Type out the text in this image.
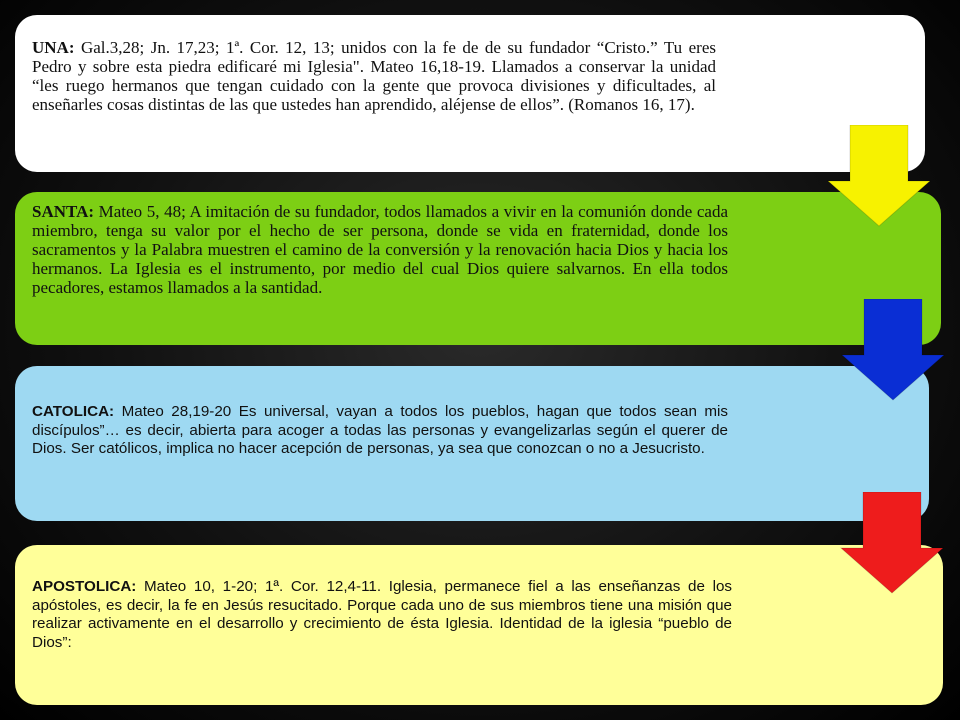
UNA: Gal.3,28; Jn. 17,23; 1ª. Cor. 12, 13; unidos con la fe de de su fundador “Cristo.” Tu eres Pedro y sobre esta piedra edificaré mi Iglesia". Mateo 16,18-19. Llamados a conservar la unidad “les ruego hermanos que tengan cuidado con la gente que provoca divisiones y dificultades, al enseñarles cosas distintas de las que ustedes han aprendido, aléjense de ellos”. (Romanos 16, 17).

SANTA: Mateo 5, 48; A imitación de su fundador, todos llamados a vivir en la comunión donde cada miembro, tenga su valor por el hecho de ser persona, donde se vida en fraternidad, donde los sacramentos y la Palabra muestren el camino de la conversión y la renovación hacia Dios y hacia los hermanos. La Iglesia es el instrumento, por medio del cual Dios quiere salvarnos. En ella todos pecadores, estamos llamados a la santidad.

CATOLICA: Mateo 28,19-20 Es universal, vayan a todos los pueblos, hagan que todos sean mis discípulos”… es decir, abierta para acoger a todas las personas y evangelizarlas según el querer de Dios. Ser católicos, implica no hacer acepción de personas, ya sea que conozcan o no a Jesucristo.

APOSTOLICA: Mateo 10, 1-20; 1ª. Cor. 12,4-11. Iglesia, permanece fiel a las enseñanzas de los apóstoles, es decir, la fe en Jesús resucitado. Porque cada uno de sus miembros tiene una misión que realizar activamente en el desarrollo y crecimiento de ésta Iglesia. Identidad de la iglesia “pueblo de Dios”:
